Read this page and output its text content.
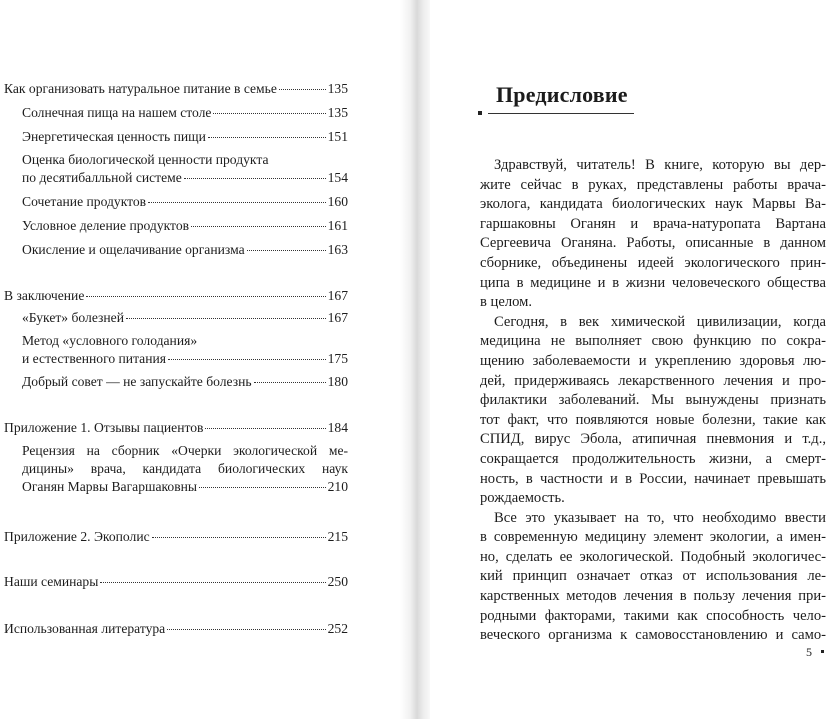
Как организовать натуральное питание в семье	135
Солнечная пища на нашем столе	135
Энергетическая ценность пищи	151
Оценка биологической ценности продукта
по десятибалльной системе	154
Сочетание продуктов	160
Условное деление продуктов	161
Окисление и ощелачивание организма	163
В заключение	167
«Букет» болезней	167
Метод «условного голодания»
и естественного питания	175
Добрый совет — не запускайте болезнь	180
Приложение 1. Отзывы пациентов	184
Рецензия на сборник «Очерки экологической ме-
дицины» врача, кандидата биологических наук
Оганян Марвы Вагаршаковны	210
Приложение 2. Экополис	215
Наши семинары	250
Использованная литература	252
Предисловие
Здравствуй, читатель! В книге, которую вы дер-
жите сейчас в руках, представлены работы врача-
эколога, кандидата биологических наук Марвы Ва-
гаршаковны Оганян и врача-натуропата Вартана
Сергеевича Оганяна. Работы, описанные в данном
сборнике, объединены идеей экологического прин-
ципа в медицине и в жизни человеческого общества
в целом.
Сегодня, в век химической цивилизации, когда
медицина не выполняет свою функцию по сокра-
щению заболеваемости и укреплению здоровья лю-
дей, придерживаясь лекарственного лечения и про-
филактики заболеваний. Мы вынуждены признать
тот факт, что появляются новые болезни, такие как
СПИД, вирус Эбола, атипичная пневмония и т.д.,
сокращается продолжительность жизни, а смерт-
ность, в частности и в России, начинает превышать
рождаемость.
Все это указывает на то, что необходимо ввести
в современную медицину элемент экологии, а имен-
но, сделать ее экологической. Подобный экологичес-
кий принцип означает отказ от использования ле-
карственных методов лечения в пользу лечения при-
родными факторами, такими как способность чело-
веческого организма к самовосстановлению и само-
5
